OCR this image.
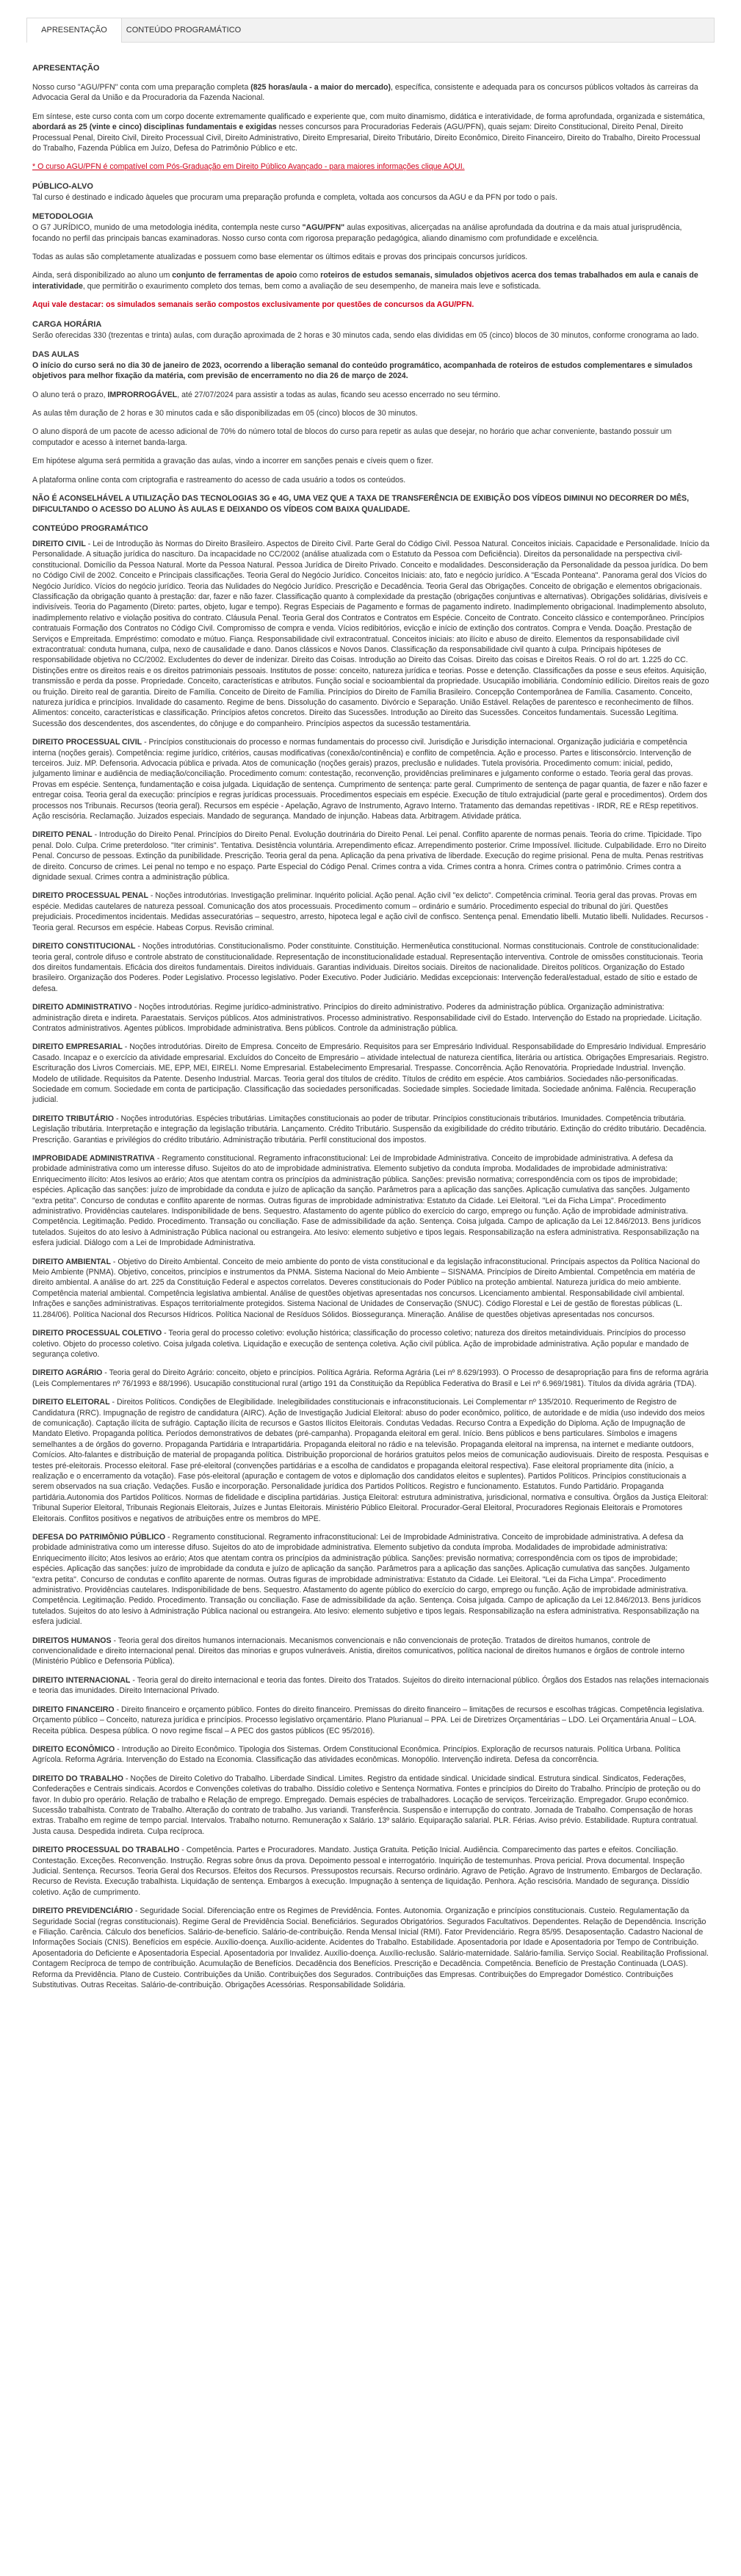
APRESENTAÇÃO	CONTEÚDO PROGRAMÁTICO

APRESENTAÇÃO

Nosso curso "AGU/PFN" conta com uma preparação completa (825 horas/aula - a maior do mercado), específica, consistente e adequada para os concursos públicos voltados às carreiras da Advocacia Geral da União e da Procuradoria da Fazenda Nacional.

Em síntese, este curso conta com um corpo docente extremamente qualificado e experiente que, com muito dinamismo, didática e interatividade, de forma aprofundada, organizada e sistemática, abordará as 25 (vinte e cinco) disciplinas fundamentais e exigidas nesses concursos para Procuradorias Federais (AGU/PFN), quais sejam: Direito Constitucional, Direito Penal, Direito Processual Penal, Direito Civil, Direito Processual Civil, Direito Administrativo, Direito Empresarial, Direito Tributário, Direito Econômico, Direito Financeiro, Direito do Trabalho, Direito Processual do Trabalho, Fazenda Pública em Juízo, Defesa do Patrimônio Público e etc.

* O curso AGU/PFN é compatível com Pós-Graduação em Direito Público Avançado - para maiores informações clique AQUI.

PÚBLICO-ALVO

Tal curso é destinado e indicado àqueles que procuram uma preparação profunda e completa, voltada aos concursos da AGU e da PFN por todo o país.

METODOLOGIA

O G7 JURÍDICO, munido de uma metodologia inédita, contempla neste curso "AGU/PFN" aulas expositivas, alicerçadas na análise aprofundada da doutrina e da mais atual jurisprudência, focando no perfil das principais bancas examinadoras. Nosso curso conta com rigorosa preparação pedagógica, aliando dinamismo com profundidade e excelência.

Todas as aulas são completamente atualizadas e possuem como base elementar os últimos editais e provas dos principais concursos jurídicos.

Ainda, será disponibilizado ao aluno um conjunto de ferramentas de apoio como roteiros de estudos semanais, simulados objetivos acerca dos temas trabalhados em aula e canais de interatividade, que permitirão o exaurimento completo dos temas, bem como a avaliação de seu desempenho, de maneira mais leve e sofisticada.

Aqui vale destacar: os simulados semanais serão compostos exclusivamente por questões de concursos da AGU/PFN.

CARGA HORÁRIA

Serão oferecidas 330 (trezentas e trinta) aulas, com duração aproximada de 2 horas e 30 minutos cada, sendo elas divididas em 05 (cinco) blocos de 30 minutos, conforme cronograma ao lado.

DAS AULAS

O início do curso será no dia 30 de janeiro de 2023, ocorrendo a liberação semanal do conteúdo programático, acompanhada de roteiros de estudos complementares e simulados objetivos para melhor fixação da matéria, com previsão de encerramento no dia 26 de março de 2024.

O aluno terá o prazo, IMPRORROGÁVEL, até 27/07/2024 para assistir a todas as aulas, ficando seu acesso encerrado no seu término.

As aulas têm duração de 2 horas e 30 minutos cada e são disponibilizadas em 05 (cinco) blocos de 30 minutos.

O aluno disporá de um pacote de acesso adicional de 70% do número total de blocos do curso para repetir as aulas que desejar, no horário que achar conveniente, bastando possuir um computador e acesso à internet banda-larga.

Em hipótese alguma será permitida a gravação das aulas, vindo a incorrer em sanções penais e cíveis quem o fizer.

A plataforma online conta com criptografia e rastreamento do acesso de cada usuário a todos os conteúdos.

NÃO É ACONSELHÁVEL A UTILIZAÇÃO DAS TECNOLOGIAS 3G e 4G, UMA VEZ QUE A TAXA DE TRANSFERÊNCIA DE EXIBIÇÃO DOS VÍDEOS DIMINUI NO DECORRER DO MÊS, DIFICULTANDO O ACESSO DO ALUNO ÀS AULAS E DEIXANDO OS VÍDEOS COM BAIXA QUALIDADE.

CONTEÚDO PROGRAMÁTICO

DIREITO CIVIL - Lei de Introdução às Normas do Direito Brasileiro. Aspectos de Direito Civil. Parte Geral do Código Civil. Pessoa Natural. Conceitos iniciais. Capacidade e Personalidade. Início da Personalidade. A situação jurídica do nascituro. Da incapacidade no CC/2002 (análise atualizada com o Estatuto da Pessoa com Deficiência). Direitos da personalidade na perspectiva civil-constitucional. Domicílio da Pessoa Natural. Morte da Pessoa Natural. Pessoa Jurídica de Direito Privado. Conceito e modalidades. Desconsideração da Personalidade da pessoa jurídica. Do bem no Código Civil de 2002. Conceito e Principais classificações. Teoria Geral do Negócio Jurídico. Conceitos Iniciais: ato, fato e negócio jurídico. A "Escada Ponteana". Panorama geral dos Vícios do Negócio Jurídico. Vícios do negócio jurídico. Teoria das Nulidades do Negócio Jurídico. Prescrição e Decadência. Teoria Geral das Obrigações. Conceito de obrigação e elementos obrigacionais. Classificação da obrigação quanto à prestação: dar, fazer e não fazer. Classificação quanto à complexidade da prestação (obrigações conjuntivas e alternativas). Obrigações solidárias, divisíveis e indivisíveis. Teoria do Pagamento (Direto: partes, objeto, lugar e tempo). Regras Especiais de Pagamento e formas de pagamento indireto. Inadimplemento obrigacional. Inadimplemento absoluto, inadimplemento relativo e violação positiva do contrato. Cláusula Penal. Teoria Geral dos Contratos e Contratos em Espécie. Conceito de Contrato. Conceito clássico e contemporâneo. Princípios contratuais Formação dos Contratos no Código Civil. Compromisso de compra e venda. Vícios redibitórios, evicção e início de extinção dos contratos. Compra e Venda. Doação. Prestação de Serviços e Empreitada. Empréstimo: comodato e mútuo. Fiança. Responsabilidade civil extracontratual. Conceitos iniciais: ato ilícito e abuso de direito. Elementos da responsabilidade civil extracontratual: conduta humana, culpa, nexo de causalidade e dano. Danos clássicos e Novos Danos. Classificação da responsabilidade civil quanto à culpa. Principais hipóteses de responsabilidade objetiva no CC/2002. Excludentes do dever de indenizar. Direito das Coisas. Introdução ao Direito das Coisas. Direito das coisas e Direitos Reais. O rol do art. 1.225 do CC. Distinções entre os direitos reais e os direitos patrimoniais pessoais. Institutos de posse: conceito, natureza jurídica e teorias. Posse e detenção. Classificações da posse e seus efeitos. Aquisição, transmissão e perda da posse. Propriedade. Conceito, características e atributos. Função social e socioambiental da propriedade. Usucapião imobiliária. Condomínio edilício. Direitos reais de gozo ou fruição. Direito real de garantia. Direito de Família. Conceito de Direito de Família. Princípios do Direito de Família Brasileiro. Concepção Contemporânea de Família. Casamento. Conceito, natureza jurídica e princípios. Invalidade do casamento. Regime de bens. Dissolução do casamento. Divórcio e Separação. União Estável. Relações de parentesco e reconhecimento de filhos. Alimentos: conceito, características e classificação. Princípios afetos concretos. Direito das Sucessões. Introdução ao Direito das Sucessões. Conceitos fundamentais. Sucessão Legítima. Sucessão dos descendentes, dos ascendentes, do cônjuge e do companheiro. Princípios aspectos da sucessão testamentária.

DIREITO PROCESSUAL CIVIL - Princípios constitucionais do processo e normas fundamentais do processo civil. Jurisdição e Jurisdição internacional. Organização judiciária e competência interna (noções gerais). Competência: regime jurídico, critérios, causas modificativas (conexão/continência) e conflito de competência. Ação e processo. Partes e litisconsórcio. Intervenção de terceiros. Juiz. MP. Defensoria. Advocacia pública e privada. Atos de comunicação (noções gerais) prazos, preclusão e nulidades. Tutela provisória. Procedimento comum: inicial, pedido, julgamento liminar e audiência de mediação/conciliação. Procedimento comum: contestação, reconvenção, providências preliminares e julgamento conforme o estado. Teoria geral das provas. Provas em espécie. Sentença, fundamentação e coisa julgada. Liquidação de sentença. Cumprimento de sentença: parte geral. Cumprimento de sentença de pagar quantia, de fazer e não fazer e entregar coisa. Teoria geral da execução: princípios e regras jurídicas processuais. Procedimentos especiais em espécie. Execução de título extrajudicial (parte geral e procedimentos). Ordem dos processos nos Tribunais. Recursos (teoria geral). Recursos em espécie - Apelação, Agravo de Instrumento, Agravo Interno. Tratamento das demandas repetitivas - IRDR, RE e REsp repetitivos. Ação rescisória. Reclamação. Juizados especiais. Mandado de segurança. Mandado de injunção. Habeas data. Arbitragem. Atividade prática.

DIREITO PENAL - Introdução do Direito Penal. Princípios do Direito Penal. Evolução doutrinária do Direito Penal. Lei penal. Conflito aparente de normas penais. Teoria do crime. Tipicidade. Tipo penal. Dolo. Culpa. Crime preterdoloso. "Iter criminis". Tentativa. Desistência voluntária. Arrependimento eficaz. Arrependimento posterior. Crime Impossível. Ilicitude. Culpabilidade. Erro no Direito Penal. Concurso de pessoas. Extinção da punibilidade. Prescrição. Teoria geral da pena. Aplicação da pena privativa de liberdade. Execução do regime prisional. Pena de multa. Penas restritivas de direito. Concurso de crimes. Lei penal no tempo e no espaço. Parte Especial do Código Penal. Crimes contra a vida. Crimes contra a honra. Crimes contra o patrimônio. Crimes contra a dignidade sexual. Crimes contra a administração pública.

DIREITO PROCESSUAL PENAL - Noções introdutórias. Investigação preliminar. Inquérito policial. Ação penal. Ação civil "ex delicto". Competência criminal. Teoria geral das provas. Provas em espécie. Medidas cautelares de natureza pessoal. Comunicação dos atos processuais. Procedimento comum – ordinário e sumário. Procedimento especial do tribunal do júri. Questões prejudiciais. Procedimentos incidentais. Medidas assecuratórias – sequestro, arresto, hipoteca legal e ação civil de confisco. Sentença penal. Emendatio libelli. Mutatio libelli. Nulidades. Recursos - Teoria geral. Recursos em espécie. Habeas Corpus. Revisão criminal.

DIREITO CONSTITUCIONAL - Noções introdutórias. Constitucionalismo. Poder constituinte. Constituição. Hermenêutica constitucional. Normas constitucionais. Controle de constitucionalidade: teoria geral, controle difuso e controle abstrato de constitucionalidade. Representação de inconstitucionalidade estadual. Representação interventiva. Controle de omissões constitucionais. Teoria dos direitos fundamentais. Eficácia dos direitos fundamentais. Direitos individuais. Garantias individuais. Direitos sociais. Direitos de nacionalidade. Direitos políticos. Organização do Estado brasileiro. Organização dos Poderes. Poder Legislativo. Processo legislativo. Poder Executivo. Poder Judiciário. Medidas excepcionais: Intervenção federal/estadual, estado de sítio e estado de defesa.

DIREITO ADMINISTRATIVO - Noções introdutórias. Regime jurídico-administrativo. Princípios do direito administrativo. Poderes da administração pública. Organização administrativa: administração direta e indireta. Paraestatais. Serviços públicos. Atos administrativos. Processo administrativo. Responsabilidade civil do Estado. Intervenção do Estado na propriedade. Licitação. Contratos administrativos. Agentes públicos. Improbidade administrativa. Bens públicos. Controle da administração pública.

DIREITO EMPRESARIAL - Noções introdutórias. Direito de Empresa. Conceito de Empresário. Requisitos para ser Empresário Individual. Responsabilidade do Empresário Individual. Empresário Casado. Incapaz e o exercício da atividade empresarial. Excluídos do Conceito de Empresário – atividade intelectual de natureza científica, literária ou artística. Obrigações Empresariais. Registro. Escrituração dos Livros Comerciais. ME, EPP, MEI, EIRELI. Nome Empresarial. Estabelecimento Empresarial. Trespasse. Concorrência. Ação Renovatória. Propriedade Industrial. Invenção. Modelo de utilidade. Requisitos da Patente. Desenho Industrial. Marcas. Teoria geral dos títulos de crédito. Títulos de crédito em espécie. Atos cambiários. Sociedades não-personificadas. Sociedade em comum. Sociedade em conta de participação. Classificação das sociedades personificadas. Sociedade simples. Sociedade limitada. Sociedade anônima. Falência. Recuperação judicial.

DIREITO TRIBUTÁRIO - Noções introdutórias. Espécies tributárias. Limitações constitucionais ao poder de tributar. Princípios constitucionais tributários. Imunidades. Competência tributária. Legislação tributária. Interpretação e integração da legislação tributária. Lançamento. Crédito Tributário. Suspensão da exigibilidade do crédito tributário. Extinção do crédito tributário. Decadência. Prescrição. Garantias e privilégios do crédito tributário. Administração tributária. Perfil constitucional dos impostos.

IMPROBIDADE ADMINISTRATIVA - Regramento constitucional. Regramento infraconstitucional: Lei de Improbidade Administrativa. Conceito de improbidade administrativa. A defesa da probidade administrativa como um interesse difuso. Sujeitos do ato de improbidade administrativa. Elemento subjetivo da conduta ímproba. Modalidades de improbidade administrativa: Enriquecimento ilícito: Atos lesivos ao erário; Atos que atentam contra os princípios da administração pública. Sanções: previsão normativa; correspondência com os tipos de improbidade; espécies. Aplicação das sanções: juízo de improbidade da conduta e juízo de aplicação da sanção. Parâmetros para a aplicação das sanções. Aplicação cumulativa das sanções. Julgamento "extra petita". Concurso de condutas e conflito aparente de normas. Outras figuras de improbidade administrativa: Estatuto da Cidade. Lei Eleitoral. "Lei da Ficha Limpa". Procedimento administrativo. Providências cautelares. Indisponibilidade de bens. Sequestro. Afastamento do agente público do exercício do cargo, emprego ou função. Ação de improbidade administrativa. Competência. Legitimação. Pedido. Procedimento. Transação ou conciliação. Fase de admissibilidade da ação. Sentença. Coisa julgada. Campo de aplicação da Lei 12.846/2013. Bens jurídicos tutelados. Sujeitos do ato lesivo à Administração Pública nacional ou estrangeira. Ato lesivo: elemento subjetivo e tipos legais. Responsabilização na esfera administrativa. Responsabilização na esfera judicial. Diálogo com a Lei de Improbidade Administrativa.

DIREITO AMBIENTAL - Objetivo do Direito Ambiental. Conceito de meio ambiente do ponto de vista constitucional e da legislação infraconstitucional. Princípais aspectos da Política Nacional do Meio Ambiente (PNMA). Objetivo, conceitos, princípios e instrumentos da PNMA. Sistema Nacional do Meio Ambiente – SISNAMA. Princípios de Direito Ambiental. Competência em matéria de direito ambiental. A análise do art. 225 da Constituição Federal e aspectos correlatos. Deveres constitucionais do Poder Público na proteção ambiental. Natureza jurídica do meio ambiente. Competência material ambiental. Competência legislativa ambiental. Análise de questões objetivas apresentadas nos concursos. Licenciamento ambiental. Responsabilidade civil ambiental. Infrações e sanções administrativas. Espaços territorialmente protegidos. Sistema Nacional de Unidades de Conservação (SNUC). Código Florestal e Lei de gestão de florestas públicas (L. 11.284/06). Política Nacional dos Recursos Hídricos. Política Nacional de Resíduos Sólidos. Biossegurança. Mineração. Análise de questões objetivas apresentadas nos concursos.

DIREITO PROCESSUAL COLETIVO - Teoria geral do processo coletivo: evolução histórica; classificação do processo coletivo; natureza dos direitos metaindividuais. Princípios do processo coletivo. Objeto do processo coletivo. Coisa julgada coletiva. Liquidação e execução de sentença coletiva. Ação civil pública. Ação de improbidade administrativa. Ação popular e mandado de segurança coletivo.

DIREITO AGRÁRIO - Teoria geral do Direito Agrário: conceito, objeto e princípios. Política Agrária. Reforma Agrária (Lei nº 8.629/1993). O Processo de desapropriação para fins de reforma agrária (Leis Complementares nº 76/1993 e 88/1996). Usucapião constitucional rural (artigo 191 da Constituição da República Federativa do Brasil e Lei nº 6.969/1981). Títulos da dívida agrária (TDA).

DIREITO ELEITORAL - Direitos Políticos. Condições de Elegibilidade. Inelegibilidades constitucionais e infraconstitucionais. Lei Complementar nº 135/2010. Requerimento de Registro de Candidatura (RRC). Impugnação de registro de candidatura (AIRC). Ação de Investigação Judicial Eleitoral: abuso do poder econômico, político, de autoridade e de mídia (uso indevido dos meios de comunicação). Captação ilícita de sufrágio. Captação ilícita de recursos e Gastos Ilícitos Eleitorais. Condutas Vedadas. Recurso Contra a Expedição do Diploma. Ação de Impugnação de Mandato Eletivo. Propaganda política. Períodos demonstrativos de debates (pré-campanha). Propaganda eleitoral em geral. Início. Bens públicos e bens particulares. Símbolos e imagens semelhantes a de órgãos do governo. Propaganda Partidária e Intrapartidária. Propaganda eleitoral no rádio e na televisão. Propaganda eleitoral na imprensa, na internet e mediante outdoors, Comícios. Alto-falantes e distribuição de material de propaganda política. Distribuição proporcional de horários gratuitos pelos meios de comunicação audiovisuais. Direito de resposta. Pesquisas e testes pré-eleitorais. Processo eleitoral. Fase pré-eleitoral (convenções partidárias e a escolha de candidatos e propaganda eleitoral respectiva). Fase eleitoral propriamente dita (início, a realização e o encerramento da votação). Fase pós-eleitoral (apuração e contagem de votos e diplomação dos candidatos eleitos e suplentes). Partidos Políticos. Princípios constitucionais a serem observados na sua criação. Vedações. Fusão e incorporação. Personalidade jurídica dos Partidos Políticos. Registro e funcionamento. Estatutos. Fundo Partidário. Propaganda partidária.Autonomia dos Partidos Políticos. Normas de fidelidade e disciplina partidárias. Justiça Eleitoral: estrutura administrativa, jurisdicional, normativa e consultiva. Órgãos da Justiça Eleitoral: Tribunal Superior Eleitoral, Tribunais Regionais Eleitorais, Juízes e Juntas Eleitorais. Ministério Público Eleitoral. Procurador-Geral Eleitoral, Procuradores Regionais Eleitorais e Promotores Eleitorais. Conflitos positivos e negativos de atribuições entre os membros do MPE.

DEFESA DO PATRIMÔNIO PÚBLICO - Regramento constitucional. Regramento infraconstitucional: Lei de Improbidade Administrativa. Conceito de improbidade administrativa. A defesa da probidade administrativa como um interesse difuso. Sujeitos do ato de improbidade administrativa. Elemento subjetivo da conduta ímproba. Modalidades de improbidade administrativa: Enriquecimento ilícito; Atos lesivos ao erário; Atos que atentam contra os princípios da administração pública. Sanções: previsão normativa; correspondência com os tipos de improbidade; espécies. Aplicação das sanções: juízo de improbidade da conduta e juízo de aplicação da sanção. Parâmetros para a aplicação das sanções. Aplicação cumulativa das sanções. Julgamento "extra petita". Concurso de condutas e conflito aparente de normas. Outras figuras de improbidade administrativa: Estatuto da Cidade. Lei Eleitoral. "Lei da Ficha Limpa". Procedimento administrativo. Providências cautelares. Indisponibilidade de bens. Sequestro. Afastamento do agente público do exercício do cargo, emprego ou função. Ação de improbidade administrativa. Competência. Legitimação. Pedido. Procedimento. Transação ou conciliação. Fase de admissibilidade da ação. Sentença. Coisa julgada. Campo de aplicação da Lei 12.846/2013. Bens jurídicos tutelados. Sujeitos do ato lesivo à Administração Pública nacional ou estrangeira. Ato lesivo: elemento subjetivo e tipos legais. Responsabilização na esfera administrativa. Responsabilização na esfera judicial.

DIREITOS HUMANOS - Teoria geral dos direitos humanos internacionais. Mecanismos convencionais e não convencionais de proteção. Tratados de direitos humanos, controle de convencionalidade e direito internacional penal. Direitos das minorias e grupos vulneráveis. Anistia, direitos comunicativos, política nacional de direitos humanos e órgãos de controle interno (Ministério Público e Defensoria Pública).

DIREITO INTERNACIONAL - Teoria geral do direito internacional e teoria das fontes. Direito dos Tratados. Sujeitos do direito internacional público. Órgãos dos Estados nas relações internacionais e teoria das imunidades. Direito Internacional Privado.

DIREITO FINANCEIRO - Direito financeiro e orçamento público. Fontes do direito financeiro. Premissas do direito financeiro – limitações de recursos e escolhas trágicas. Competência legislativa. Orçamento público – Conceito, natureza jurídica e princípios. Processo legislativo orçamentário. Plano Plurianual – PPA. Lei de Diretrizes Orçamentárias – LDO. Lei Orçamentária Anual – LOA. Receita pública. Despesa pública. O novo regime fiscal – A PEC dos gastos públicos (EC 95/2016).

DIREITO ECONÔMICO - Introdução ao Direito Econômico. Tipologia dos Sistemas. Ordem Constitucional Econômica. Princípios. Exploração de recursos naturais. Política Urbana. Política Agrícola. Reforma Agrária. Intervenção do Estado na Economia. Classificação das atividades econômicas. Monopólio. Intervenção indireta. Defesa da concorrência.

DIREITO DO TRABALHO - Noções de Direito Coletivo do Trabalho. Liberdade Sindical. Limites. Registro da entidade sindical. Unicidade sindical. Estrutura sindical. Sindicatos, Federações, Confederações e Centrais sindicais. Acordos e Convenções coletivas do trabalho. Dissídio coletivo e Sentença Normativa. Fontes e princípios do Direito do Trabalho. Princípio de proteção ou do favor. In dubio pro operário. Relação de trabalho e Relação de emprego. Empregado. Demais espécies de trabalhadores. Locação de serviços. Terceirização. Empregador. Grupo econômico. Sucessão trabalhista. Contrato de Trabalho. Alteração do contrato de trabalho. Jus variandi. Transferência. Suspensão e interrupção do contrato. Jornada de Trabalho. Compensação de horas extras. Trabalho em regime de tempo parcial. Intervalos. Trabalho noturno. Remuneração x Salário. 13º salário. Equiparação salarial. PLR. Férias. Aviso prévio. Estabilidade. Ruptura contratual. Justa causa. Despedida indireta. Culpa recíproca.

DIREITO PROCESSUAL DO TRABALHO - Competência. Partes e Procuradores. Mandato. Justiça Gratuita. Petição Inicial. Audiência. Comparecimento das partes e efeitos. Conciliação. Contestação. Exceções. Reconvenção. Instrução. Regras sobre ônus da prova. Depoimento pessoal e interrogatório. Inquirição de testemunhas. Prova pericial. Prova documental. Inspeção Judicial. Sentença. Recursos. Teoria Geral dos Recursos. Efeitos dos Recursos. Pressupostos recursais. Recurso ordinário. Agravo de Petição. Agravo de Instrumento. Embargos de Declaração. Recurso de Revista. Execução trabalhista. Liquidação de sentença. Embargos à execução. Impugnação à sentença de liquidação. Penhora. Ação rescisória. Mandado de segurança. Dissídio coletivo. Ação de cumprimento.

DIREITO PREVIDENCIÁRIO - Seguridade Social. Diferenciação entre os Regimes de Previdência. Fontes. Autonomia. Organização e princípios constitucionais. Custeio. Regulamentação da Seguridade Social (regras constitucionais). Regime Geral de Previdência Social. Beneficiários. Segurados Obrigatórios. Segurados Facultativos. Dependentes. Relação de Dependência. Inscrição e Filiação. Carência. Cálculo dos benefícios. Salário-de-benefício. Salário-de-contribuição. Renda Mensal Inicial (RMI). Fator Previdenciário. Regra 85/95. Desaposentação. Cadastro Nacional de Informações Sociais (CNIS). Benefícios em espécie. Auxílio-doença. Auxílio-acidente. Acidentes do Trabalho. Estabilidade. Aposentadoria por Idade e Aposentadoria por Tempo de Contribuição. Aposentadoria do Deficiente e Aposentadoria Especial. Aposentadoria por Invalidez. Auxílio-doença. Auxílio-reclusão. Salário-maternidade. Salário-família. Serviço Social. Reabilitação Profissional. Contagem Recíproca de tempo de contribuição. Acumulação de Benefícios. Decadência dos Benefícios. Prescrição e Decadência. Competência. Benefício de Prestação Continuada (LOAS). Reforma da Previdência. Plano de Custeio. Contribuições da União. Contribuições dos Segurados. Contribuições das Empresas. Contribuições do Empregador Doméstico. Contribuições Substitutivas. Outras Receitas. Salário-de-contribuição. Obrigações Acessórias. Responsabilidade Solidária.
